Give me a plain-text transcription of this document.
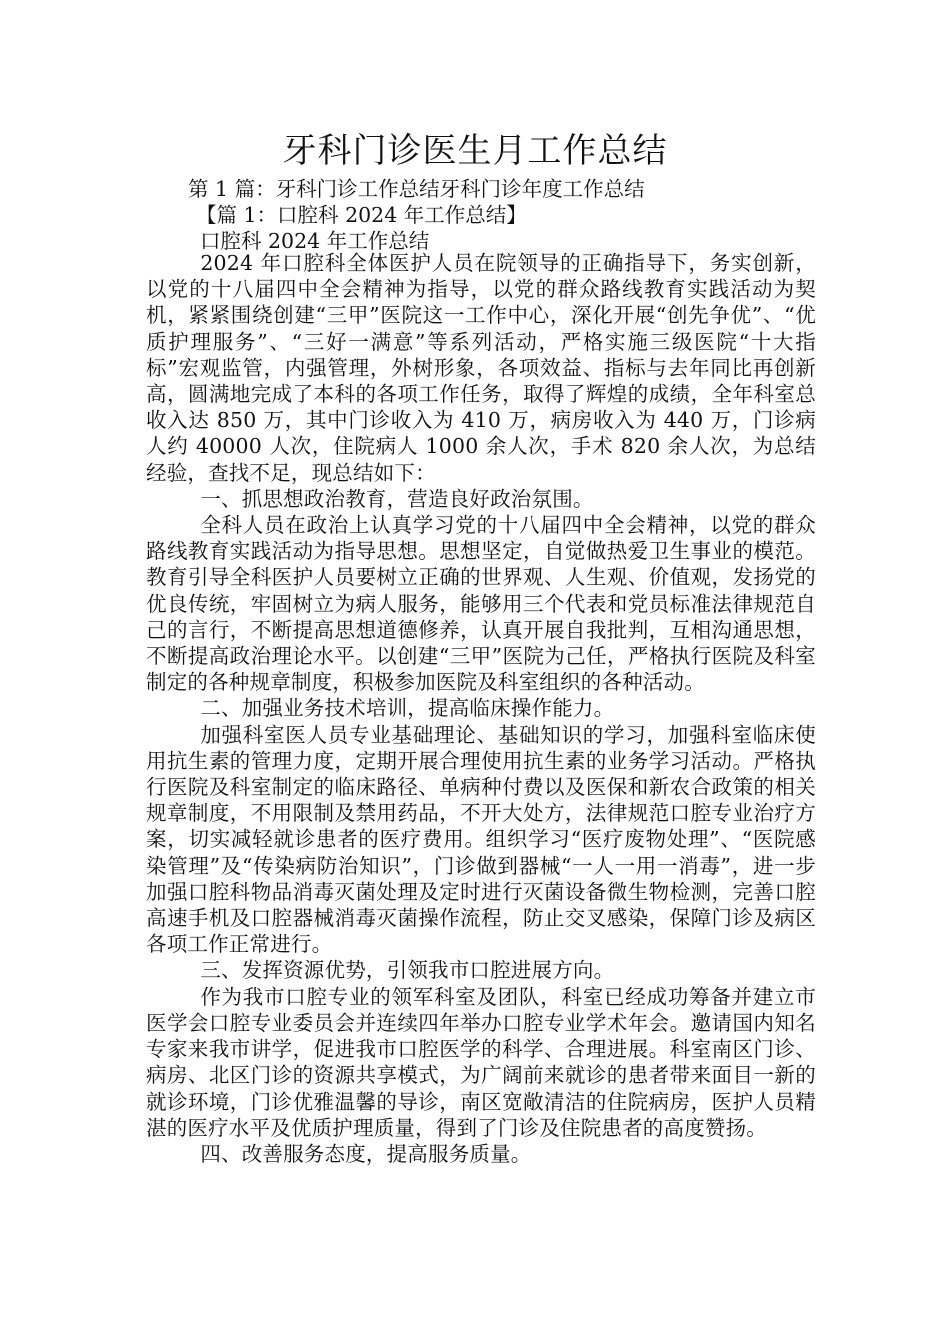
牙科门诊医生月工作总结
第 1 篇：牙科门诊工作总结牙科门诊年度工作总结
【篇 1：口腔科 2024 年工作总结】
口腔科 2024 年工作总结

2024 年口腔科全体医护人员在院领导的正确指导下，务实创新，以党的十八届四中全会精神为指导，以党的群众路线教育实践活动为契机，紧紧围绕创建“三甲”医院这一工作中心，深化开展“创先争优”、“优质护理服务”、“三好一满意”等系列活动，严格实施三级医院“十大指标”宏观监管，内强管理，外树形象，各项效益、指标与去年同比再创新高，圆满地完成了本科的各项工作任务，取得了辉煌的成绩，全年科室总收入达 850 万，其中门诊收入为 410 万，病房收入为 440 万，门诊病人约 40000 人次，住院病人 1000 余人次，手术 820 余人次，为总结经验，查找不足，现总结如下：

一、抓思想政治教育，营造良好政治氛围。

全科人员在政治上认真学习党的十八届四中全会精神，以党的群众路线教育实践活动为指导思想。思想坚定，自觉做热爱卫生事业的模范。教育引导全科医护人员要树立正确的世界观、人生观、价值观，发扬党的优良传统，牢固树立为病人服务，能够用三个代表和党员标准法律规范自己的言行，不断提高思想道德修养，认真开展自我批判，互相沟通思想，不断提高政治理论水平。以创建“三甲”医院为己任，严格执行医院及科室制定的各种规章制度，积极参加医院及科室组织的各种活动。

二、加强业务技术培训，提高临床操作能力。

加强科室医人员专业基础理论、基础知识的学习，加强科室临床使用抗生素的管理力度，定期开展合理使用抗生素的业务学习活动。严格执行医院及科室制定的临床路径、单病种付费以及医保和新农合政策的相关规章制度，不用限制及禁用药品，不开大处方，法律规范口腔专业治疗方案，切实减轻就诊患者的医疗费用。组织学习“医疗废物处理”、“医院感染管理”及“传染病防治知识”，门诊做到器械“一人一用一消毒”，进一步加强口腔科物品消毒灭菌处理及定时进行灭菌设备微生物检测，完善口腔高速手机及口腔器械消毒灭菌操作流程，防止交叉感染，保障门诊及病区各项工作正常进行。

三、发挥资源优势，引领我市口腔进展方向。

作为我市口腔专业的领军科室及团队，科室已经成功筹备并建立市医学会口腔专业委员会并连续四年举办口腔专业学术年会。邀请国内知名专家来我市讲学，促进我市口腔医学的科学、合理进展。科室南区门诊、病房、北区门诊的资源共享模式，为广阔前来就诊的患者带来面目一新的就诊环境，门诊优雅温馨的导诊，南区宽敞清洁的住院病房，医护人员精湛的医疗水平及优质护理质量，得到了门诊及住院患者的高度赞扬。

四、改善服务态度，提高服务质量。
